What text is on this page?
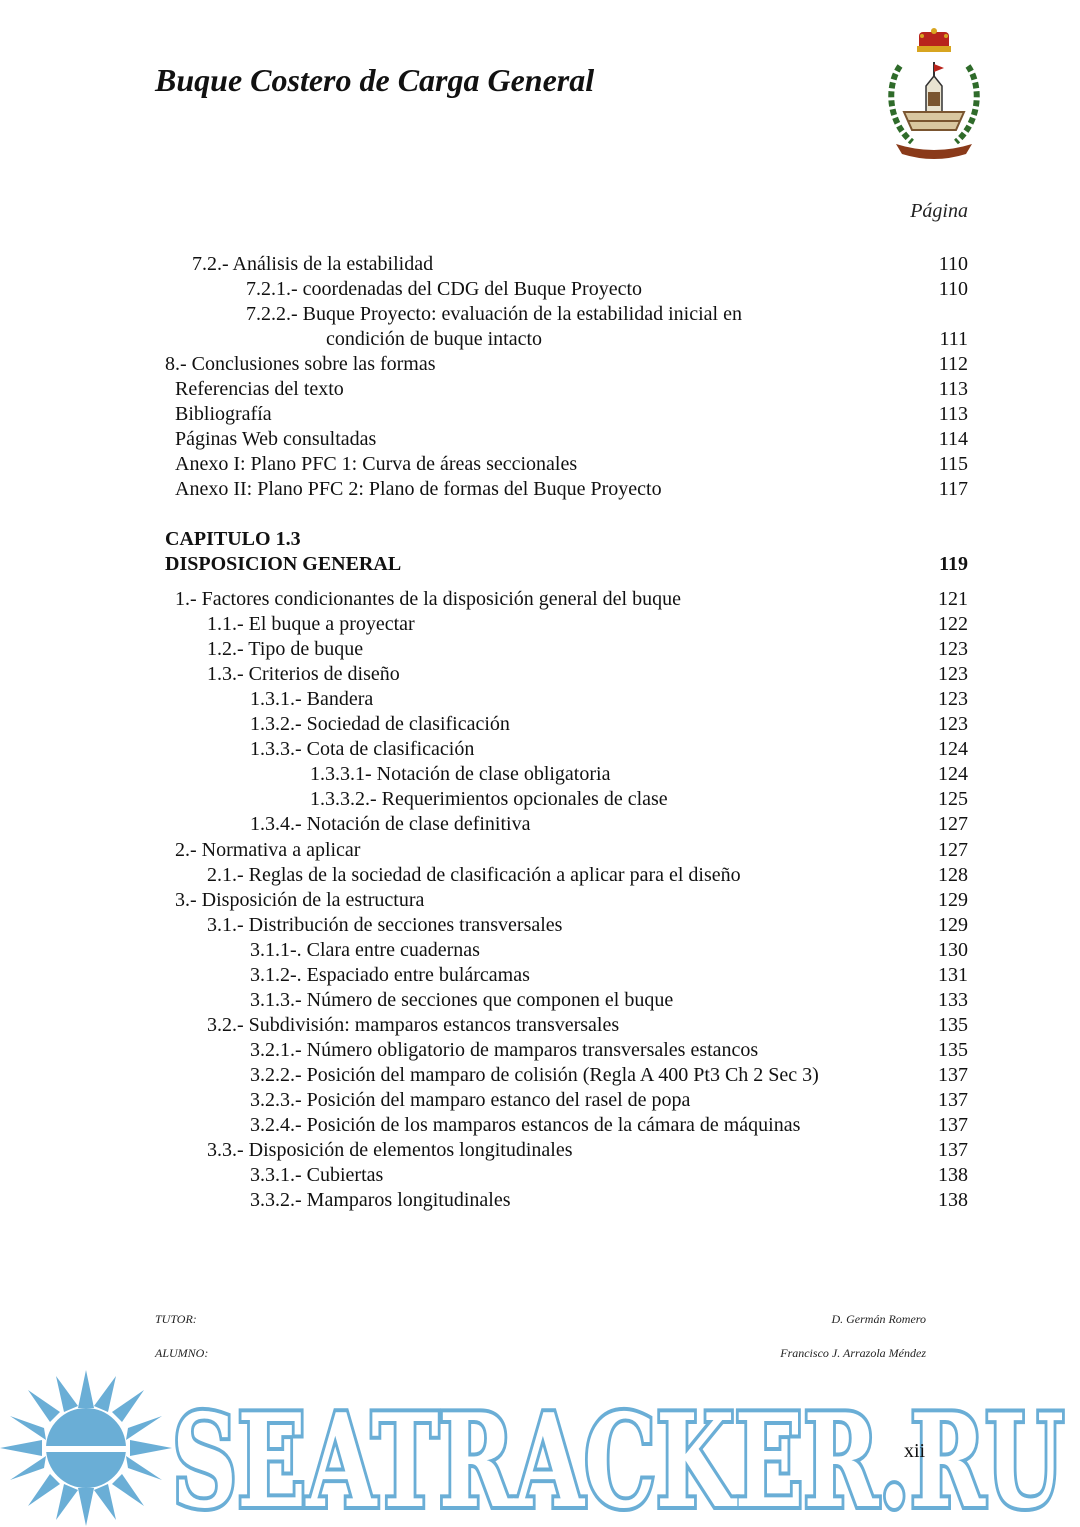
Buque Costero de Carga General
Página
7.2.- Análisis de la estabilidad	110
7.2.1.- coordenadas del CDG del Buque Proyecto	110
7.2.2.- Buque Proyecto: evaluación de la estabilidad inicial en
condición de buque intacto	111
8.- Conclusiones sobre las formas	112
Referencias del texto	113
Bibliografía	113
Páginas Web consultadas	114
Anexo I: Plano PFC 1: Curva de áreas seccionales	115
Anexo II: Plano PFC 2: Plano de formas del Buque Proyecto	117
CAPITULO 1.3
DISPOSICION GENERAL	119
1.- Factores condicionantes de la disposición general del buque	121
1.1.- El buque a proyectar	122
1.2.- Tipo de buque	123
1.3.- Criterios de diseño	123
1.3.1.- Bandera	123
1.3.2.- Sociedad de clasificación	123
1.3.3.- Cota de clasificación	124
1.3.3.1- Notación de clase obligatoria	124
1.3.3.2.- Requerimientos opcionales de clase	125
1.3.4.- Notación de clase definitiva	127
2.- Normativa a aplicar	127
2.1.- Reglas de la sociedad de clasificación a aplicar para el diseño	128
3.- Disposición de la estructura	129
3.1.- Distribución de secciones transversales	129
3.1.1-. Clara entre cuadernas	130
3.1.2-. Espaciado entre bulárcamas	131
3.1.3.- Número de secciones que componen el buque	133
3.2.- Subdivisión: mamparos estancos transversales	135
3.2.1.- Número obligatorio de mamparos transversales estancos	135
3.2.2.- Posición del mamparo de colisión (Regla A 400 Pt3 Ch 2 Sec 3)	137
3.2.3.- Posición del mamparo estanco del rasel de popa	137
3.2.4.- Posición de los mamparos estancos de la cámara de máquinas	137
3.3.- Disposición de elementos longitudinales	137
3.3.1.- Cubiertas	138
3.3.2.- Mamparos longitudinales	138
TUTOR:	D. Germán Romero
ALUMNO:	Francisco J. Arrazola Méndez
SEATRACKER.RU
SEATRACKER.RU
xii
